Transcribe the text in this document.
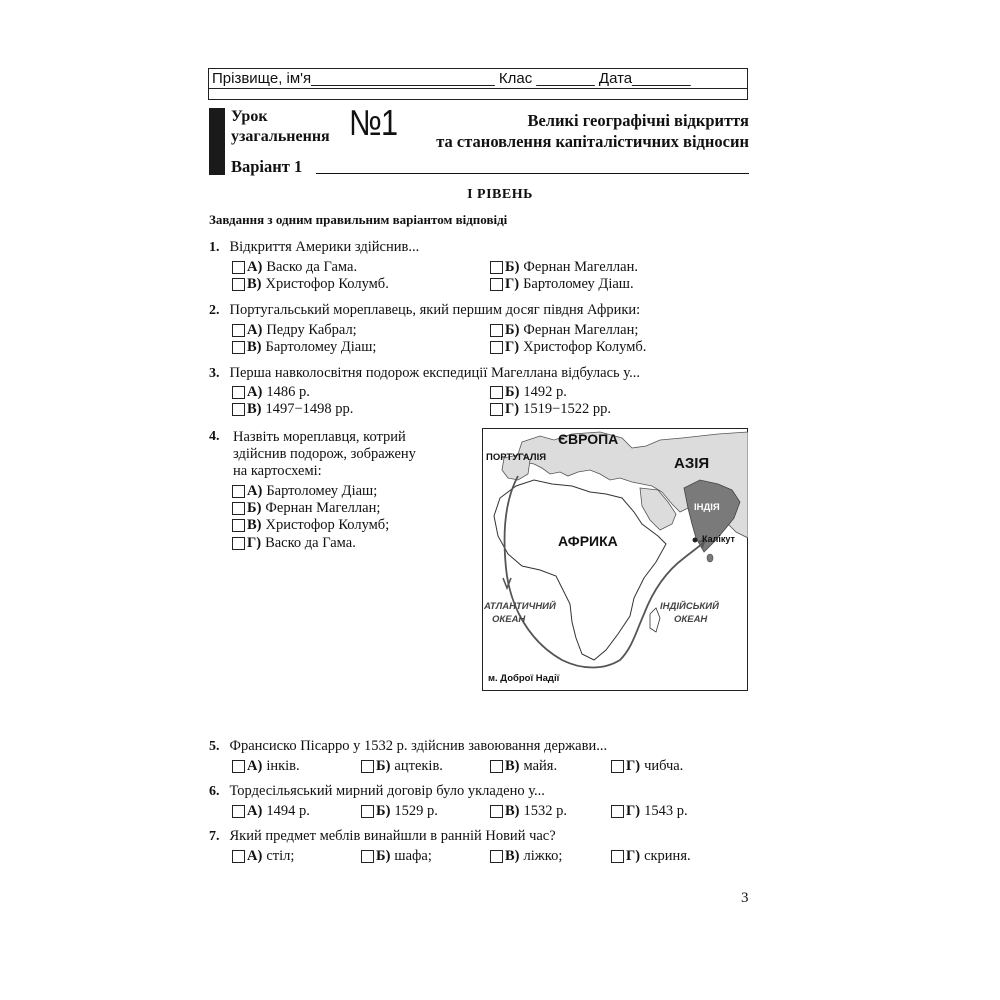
Прізвище, ім'я______________________ Клас _______ Дата_______
Урок
узагальнення №1	Великі географічні відкриття
та становлення капіталістичних відносин
Варіант 1
І РІВЕНЬ
Завдання з одним правильним варіантом відповіді
1. Відкриття Америки здійснив...
А) Васко да Гама.	Б) Фернан Магеллан.
В) Христофор Колумб.	Г) Бартоломеу Діаш.
2. Португальський мореплавець, який першим досяг півдня Африки:
А) Педру Кабрал;	Б) Фернан Магеллан;
В) Бартоломеу Діаш;	Г) Христофор Колумб.
3. Перша навколосвітня подорож експедиції Магеллана відбулась у...
А) 1486 р.	Б) 1492 р.
В) 1497−1498 рр.	Г) 1519−1522 рр.
4. Назвіть мореплавця, котрий
здійснив подорож, зображену
на картосхемі:
А) Бартоломеу Діаш;
Б) Фернан Магеллан;
В) Христофор Колумб;
Г) Васко да Гама.
ЄВРОПА
ПОРТУГАЛІЯ	АЗІЯ
ІНДІЯ
АФРИКА	Калікут
АТЛАНТИЧНИЙ
ОКЕАН
ІНДІЙСЬКИЙ
ОКЕАН
м. Доброї Надії
5. Франсиско Пісарро у 1532 р. здійснив завоювання держави...
А) інків.	Б) ацтеків.	В) майя.	Г) чибча.
6. Тордесільяський мирний договір було укладено у...
А) 1494 р.	Б) 1529 р.	В) 1532 р.	Г) 1543 р.
7. Який предмет меблів винайшли в ранній Новий час?
А) стіл;	Б) шафа;	В) ліжко;	Г) скриня.
3
